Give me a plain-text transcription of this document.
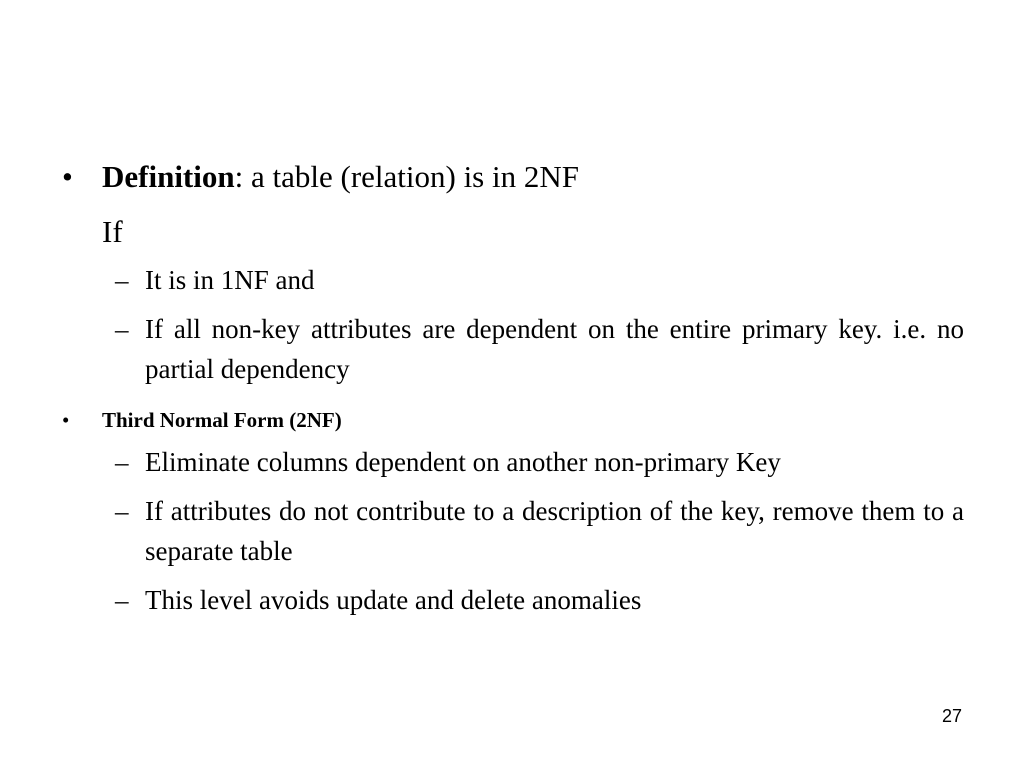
• Definition: a table (relation) is in 2NF
If
– It is in 1NF and
– If all non-key attributes are dependent on the entire primary key. i.e. no partial dependency
• Third Normal Form (2NF)
– Eliminate columns dependent on another non-primary Key
– If attributes do not contribute to a description of the key, remove them to a separate table
– This level avoids update and delete anomalies
27
